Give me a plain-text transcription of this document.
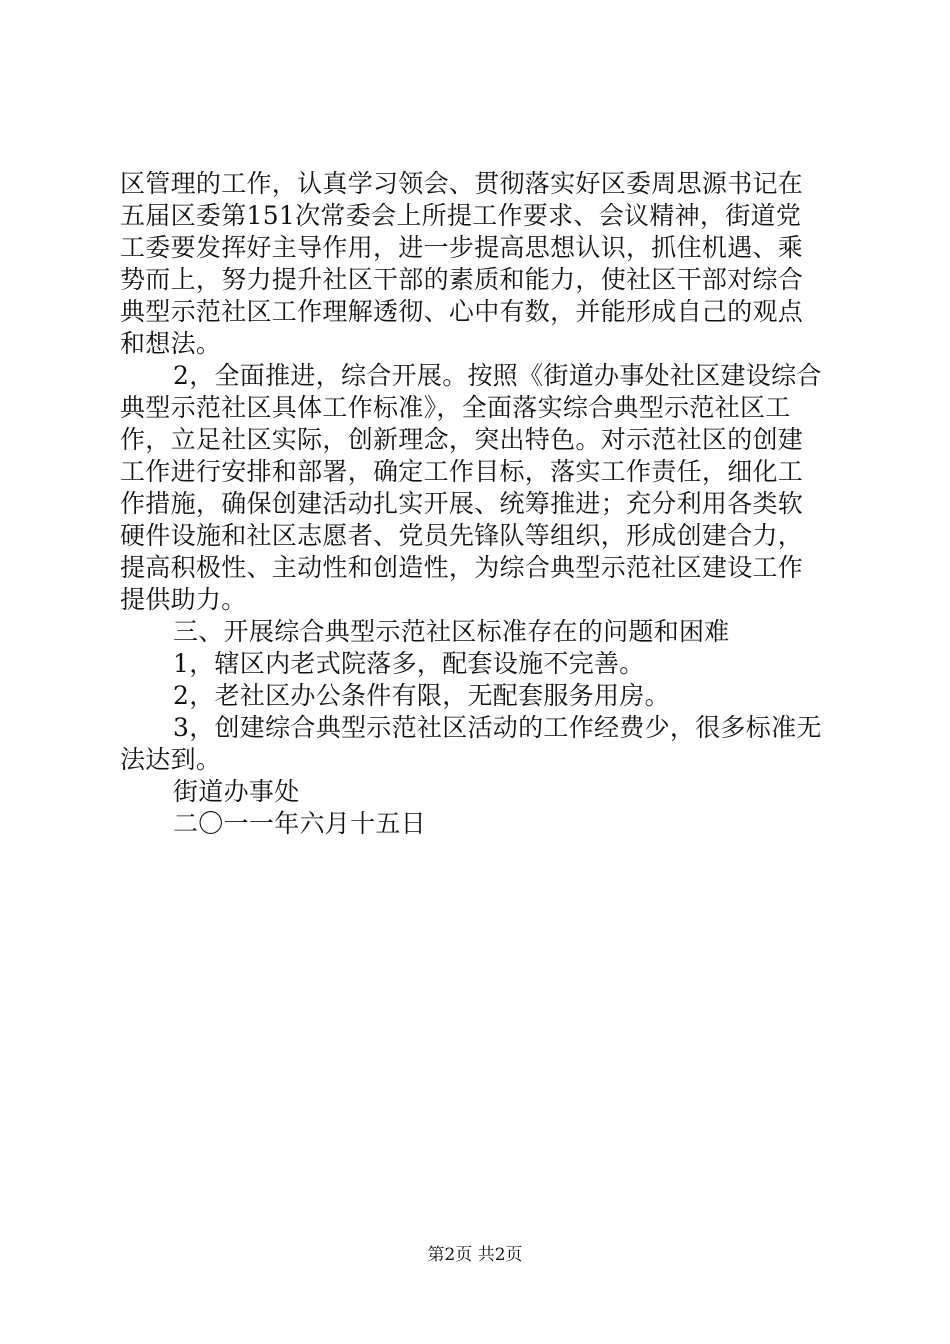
区管理的工作，认真学习领会、贯彻落实好区委周思源书记在
五届区委第151次常委会上所提工作要求、会议精神，街道党
工委要发挥好主导作用，进一步提高思想认识，抓住机遇、乘
势而上，努力提升社区干部的素质和能力，使社区干部对综合
典型示范社区工作理解透彻、心中有数，并能形成自己的观点
和想法。
2，全面推进，综合开展。按照《街道办事处社区建设综合
典型示范社区具体工作标准》，全面落实综合典型示范社区工
作，立足社区实际，创新理念，突出特色。对示范社区的创建
工作进行安排和部署，确定工作目标，落实工作责任，细化工
作措施，确保创建活动扎实开展、统筹推进；充分利用各类软
硬件设施和社区志愿者、党员先锋队等组织，形成创建合力，
提高积极性、主动性和创造性，为综合典型示范社区建设工作
提供助力。
三、开展综合典型示范社区标准存在的问题和困难
1，辖区内老式院落多，配套设施不完善。
2，老社区办公条件有限，无配套服务用房。
3，创建综合典型示范社区活动的工作经费少，很多标准无
法达到。
街道办事处
二〇一一年六月十五日
第2页 共2页
